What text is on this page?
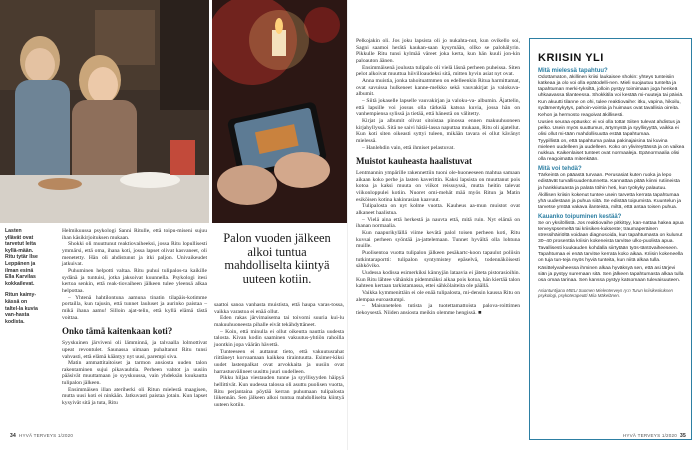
Lasten yllävät ovat tarvetut leita kyllä-mään. Ritu tytär Ilse Leppänen ja ilman esinä Ella Karvilas kokkailevat.

Ritun kaimy-kässä on taltel-la kuvia van-hasta kodista.

Helmikuussa psykologi Sanni Ritulle, että toipu-miseni sujuu ihan käsikirjoituksen mukaan.

Shokki oli muuttunut reaktiovaiheeksi, jossa Ritu lopullisesti ymmärsi, että oma, ihana koti, jossa lapset olivat kasvaneet, oli menetetty. Hän oli ahdistunut ja itki paljon. Univaikeudet jatkuivat.

Puhuminen helpotti valtaa. Ritu puhui tulipalos-ta kaikille sydänä ja tuntuisi, jotka jaksoivat kuunnella. Psykologi itesi kertoa senkin, että reak-tiovaiheen jälkeen tulee yleensä alkaa helpottaa.

– Yhtenä hahtilontuna aamuna tinatin tilapäis-kotimme portailla, kun tajusin, että tunnet lauluset ja aurinko paistaa – mikä ihana aamu! Silloin ajat-telin, että kyllä elämä tästä voittaa.

Onko tämä kaitenkaan koti?

Syyskuinen järviveni oli lämminnä, ja talvaalla lolmottivat upeat revontulet. Saunassa uimaan puhaltanut Ritu tunsi vahvasti, että elämä kääntyy nyt uusi, parempi siva.

Matin ammattitaitoiset ja tarmon ansiosta uuden talon rakentaminen sujui pikavauhtia. Perheen vahtot ja uusiin pääsivät muuttamaan jo syyskuussa, vain yhdeksän kuukautta tulipalon jälkeen.

Ensimmäisen illan ateriherki oli Ritun mielestä maagisen, mutta uusi koti ei ninkään. Jatkuvasti paistaa jotain. Kun lapset kysyivät sitä ja tuta, Ritu

Palon vuoden jälkeen alkoi tuntua mahdolliselta kiintyä uuteen kotiin.

saattoi sanoa vanhasta muistista, että haupa varas-tossa, vaikka varastoa ei enää ollut.

Eden rakas järvimaisema tai toivomi suuria kui-lu makuuhuoneesta pihalle eivät tekähdyttäneet.

– Koin, että minulla ei ollut oikeutta nauttia uudesta talosta. Kivan kodin saaminen vakuutus-yhtiön rahoilla juontkin jopa väärän hävettä.

Tunteeseen ei auttanut tieto, että vakuutusrahat riittäneyt korvaamaan kaikkea tiraintuutta. Esimer-kiksi uudet lastenpalkat ovat arvokkaita ja uusiin ovat harrastusvälineet uusittu juuri uudelleen.

Pikku hiljaa viestauden tunne ja syyllisyyden häipyä hellittivät. Kun uudessa talossa oli asuttu puolisen vuotta, Ritu perjantaina pöytää kerran puhumaan tulipalosta liikennän. Sen jälkeen alkoi tuntua mahdolliselta kiintyä uuteen kotiin.

Pelkojakin oli. Jos joku lapsista oli jo nukahta-nut, kun ovikello soi, Sagni saamoi herätä kaukan-saan kysymään, ollko se palohälyrin. Pikkulle Ritu tunsi kylmää väreet joka kerta, kun hän kuuli jon-kin paloauton äänen.

Ensimmäisenä joulusta tulipalo oli vielä läsnä perheen puheissa. Siten pelot alkoivat muuttua hiivilloaudeksi sitä, mitten hyvin asiat nyt ovat.

Anna muistia, jonka tahoituatmmen on edelleenkin Ritua harmittamat, ovat savuissa hulkeneet kanne-melkko sekä vauvakirjat ja valokuva- albumit.

– Siitä jokaselle lapselle vauvakirjan ja valoku-va- albumin. Äjattelin, että lapsille voi jossus olla tärkeää katsoa kuvia, jossa hän on vanhempiensa sylissä ja tietää, että hänestä on välitetty.

Kirjat ja albumit olivat sitoistaa pinossa ennen makuuhuoneen kirjahyllyssä. Sitä ne saivi hätäi-lassa naputtaa mukaan, Ritu oli ajatellut. Kun koti siten oikeasti syttyi tuleen, mikään tavara ei ollut kävänyt mielessä.

– Hanlehdin vain, että ihmiset pelastuvat.

Muistot kauheasta haalistuvat

Lentmannin ympärille rakennettiin tuoni ole-huoneeseen mahtua samaan aikaan koko perhe ja lasten kaverittin. Kaksi lapsista on muuttanut pois kotoa ja kaksi muuta on viikot reissuyssä, mutta heitin talevat viikonloppulei kotiin. Nuoret omi-mehät mää myös Ritun ja Matin esiköisen kotina kakinrasian kaavuut.

Tulipalosta on nyt kolme vuotta. Kauheus aa-mun muistot ovat alkaneet haalistua.

– Vielä aina että herkestä ja nauvta että, mitä ruin. Nyt elämä on ihanan normaalia.

Kun naapurikylällä viime kevätä palol toisen perheen koti, Ritu kuvsai perheen syöntää ja-jattelemaan. Tunnet hyvältä olla lohtuna muille.

Puolisentoa vuotta tulipalon jälkeen pesäkartc-koon tapaulut poliisin tutkintaraportti: tulipalon syntymistey epäselvä, todennäköisesti sähköviko.

Uudessa kodissa esimerkiksi kännyjän lataavia ei jäteta pistorasioihin. Kun Ritu lähtee vähänkin pidemmäksi aikaa pois kotoa, hän kiertää talon kahteen kertaan tarkistamassa, ettei sähkölaiteita ole päällä.

Vaikka kymmenittäin ei ole enää tulipalosta, mi-densin kaussa Ritu on alempaa euroastumpi.

– Maisnnetelen tutista ja tuotettamattoista palova-roittimen tiekoysestä. Niiden ansiosta meikin olemme hengissä. ■

KRIISIN YLI
Mitä mielessä tapahtuu?

Odottamaton, äkillinen kriisi laukaisee shokin: yhteys tunteisiin katkeaa ja olo voi olla epätodelli-nen. Mieli suojautuu tuntelta ja tapahtuman merki-tyksiltä, jolloin pystyy toimimaan joga henkeä uhkaavassa tilanteessa. Shokkitila voi kestää mi-nuuteja tai päiviä.

Kun akuutti tilanne on ohi, tulee reaktiovaihe: itku, vapina, hikoilu, sydämentykytys, pahoin-vointia ja huimaus ovat tavallisia oireita. Kehon ja hermosto reagoivat äkillisesti.

Uusien seuraa epäusko: ei voi olla totta! Siiten tulevat ahdistus ja pelko. Usein myös suuttumus, ärtymystä ja syyllisyyttä, vaikka ei olisi ollut mi-tään mahdollisuutta estää tapahtumaa.

Tyypillistä on, että tapahtuma palaa pakinajaisina tai kuvina mieleen uudelleen ja uudelleen. Koko on ylivireyttässä ja on vaikea nukkua. Kaikenlaiset tunteet ovat normaaleja. Epänormaalia olisi olla reagoimatta mitenkään.

Mitä voi tehdä?

Tärkeintä on pääastä turvaan. Perusasiat kuten ruoka ja lepo edistävät turvallisuudentunnetta. Kannattaa pitää kiinni rutiineista ja hankkiutuasta ja palata töihin heti, kun työkyky palautuu.

Äkillisen kriisin kokenut tuntee usein tarvetta kerrata tapahtumaa yhä uudestaan ja puhua siitä. Se edistää toipumista. Kuuntelun ja tarvetse ymtää vakava ilanteista, miltä, että antaa toisen puhua.

Kauanko toipuminen kestää?

Se on yksilöllistä. Jos reaktiovaihe pitkittyy, kan-nattaa hakea apua terveyspsemeltä tai kriisikes-kukseste; traumaperäinen stressihäiriöltä voidaan diagnosoida, kun tapahtumasta on kulunut 30–40 prosenttia kriisin kokeneista tarvitse ulko-puolista apua.

Tavallisesti kuukauden kohdalla siirtytään työs-täntövaiheeseen. Tapahtumaa ei enää tarvitse kerrata koko aikaa. Kriisin kokeneella on tuja tun-teja myös hyviä tunteita, kun niitä alkaa tulla.

Käsittelyvaiheessa ihminen alkaa hyväksyä sen, että asi tärjevi siän ja pystyy suremaan sitä. Sen jälkeen tapahtumasta alkaa tulla osa omaa tarinaa. Sen kanssa pystyy katsomaan tulevaisuuteen.

Asiantuntijana MIELI Suomen Mielenterveys ry:n Turun kriisikeskuksen psykologi, psykoterapeutti Miia Mäkelänen.

34 HYVÄ TERVEYS 1/2020	HYVÄ TERVEYS 1/2020 35
